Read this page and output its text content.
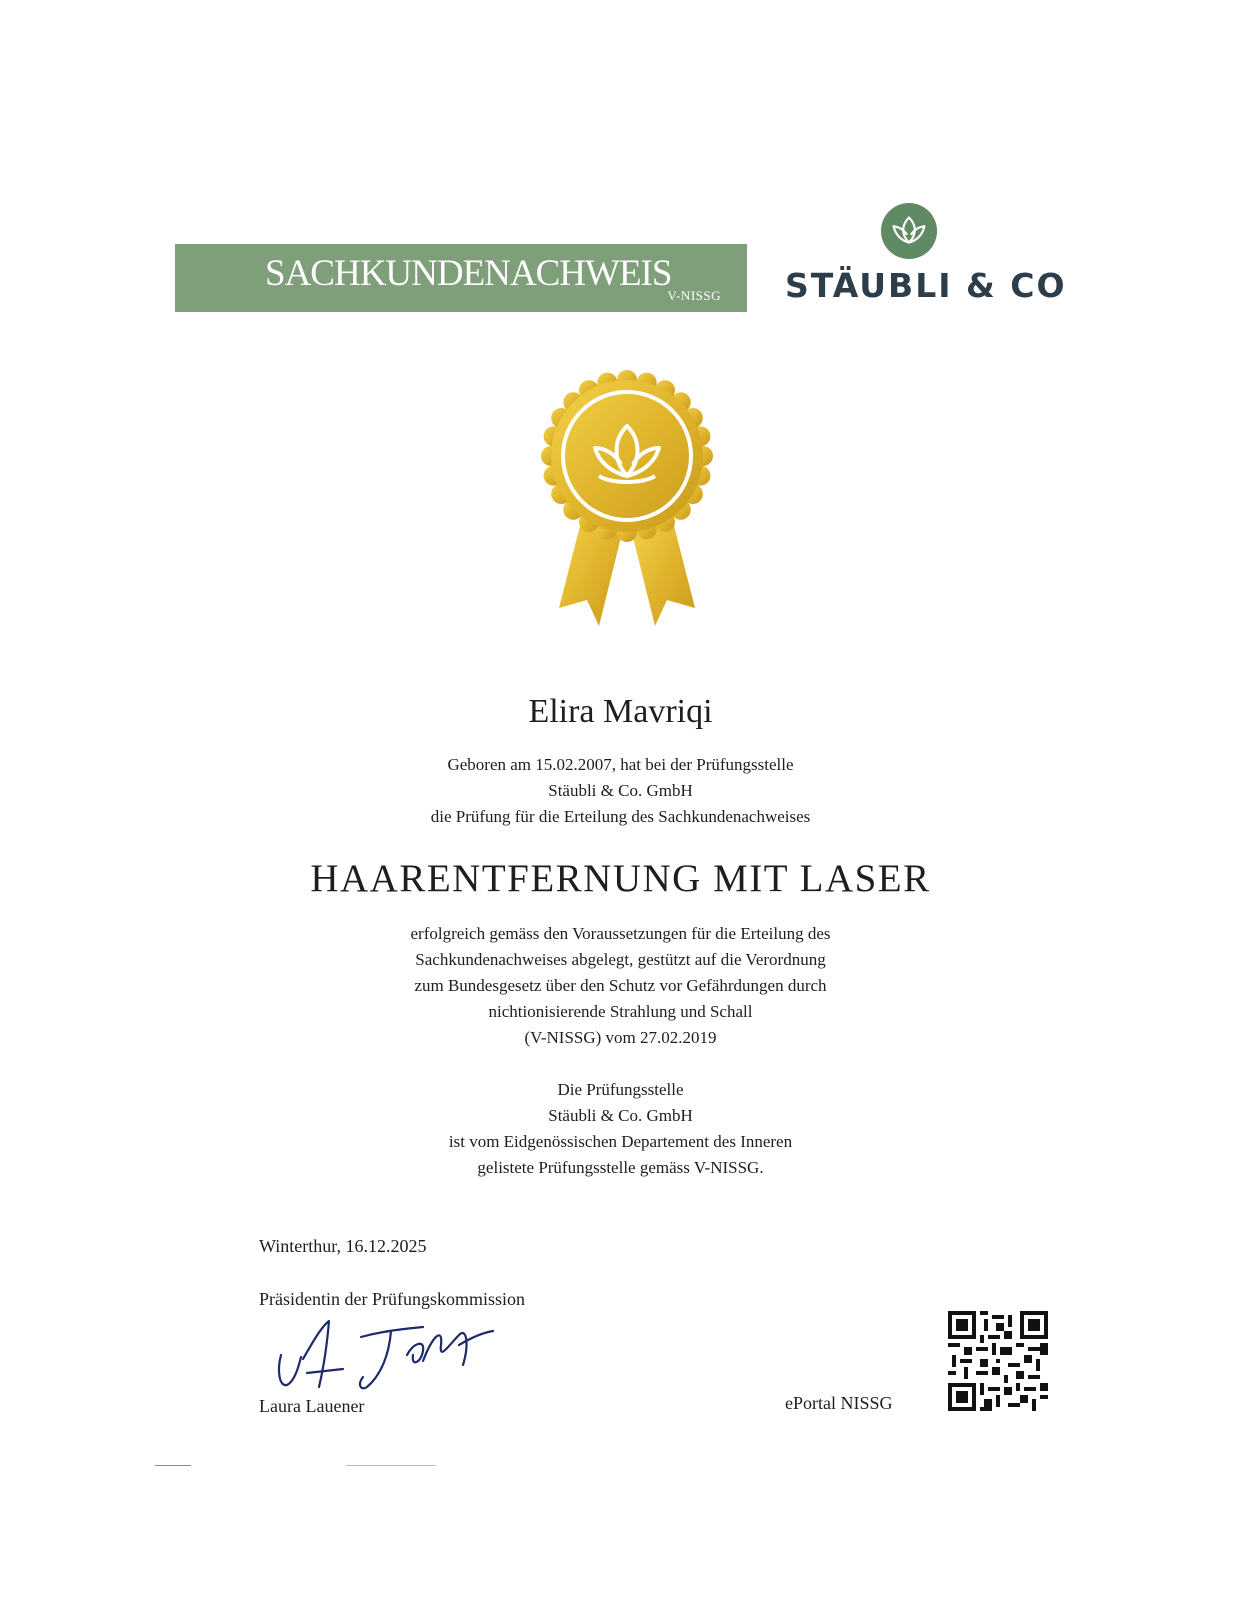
SACHKUNDENACHWEIS
V-NISSG STÄUBLI & CO
Elira Mavriqi
Geboren am 15.02.2007, hat bei der Prüfungsstelle
Stäubli & Co. GmbH
die Prüfung für die Erteilung des Sachkundenachweises
HAARENTFERNUNG MIT LASER
erfolgreich gemäss den Voraussetzungen für die Erteilung des
Sachkundenachweises abgelegt, gestützt auf die Verordnung
zum Bundesgesetz über den Schutz vor Gefährdungen durch
nichtionisierende Strahlung und Schall
(V-NISSG) vom 27.02.2019
Die Prüfungsstelle
Stäubli & Co. GmbH
ist vom Eidgenössischen Departement des Inneren
gelistete Prüfungsstelle gemäss V-NISSG.
Winterthur, 16.12.2025
Präsidentin der Prüfungskommission
Laura Lauener	ePortal NISSG
